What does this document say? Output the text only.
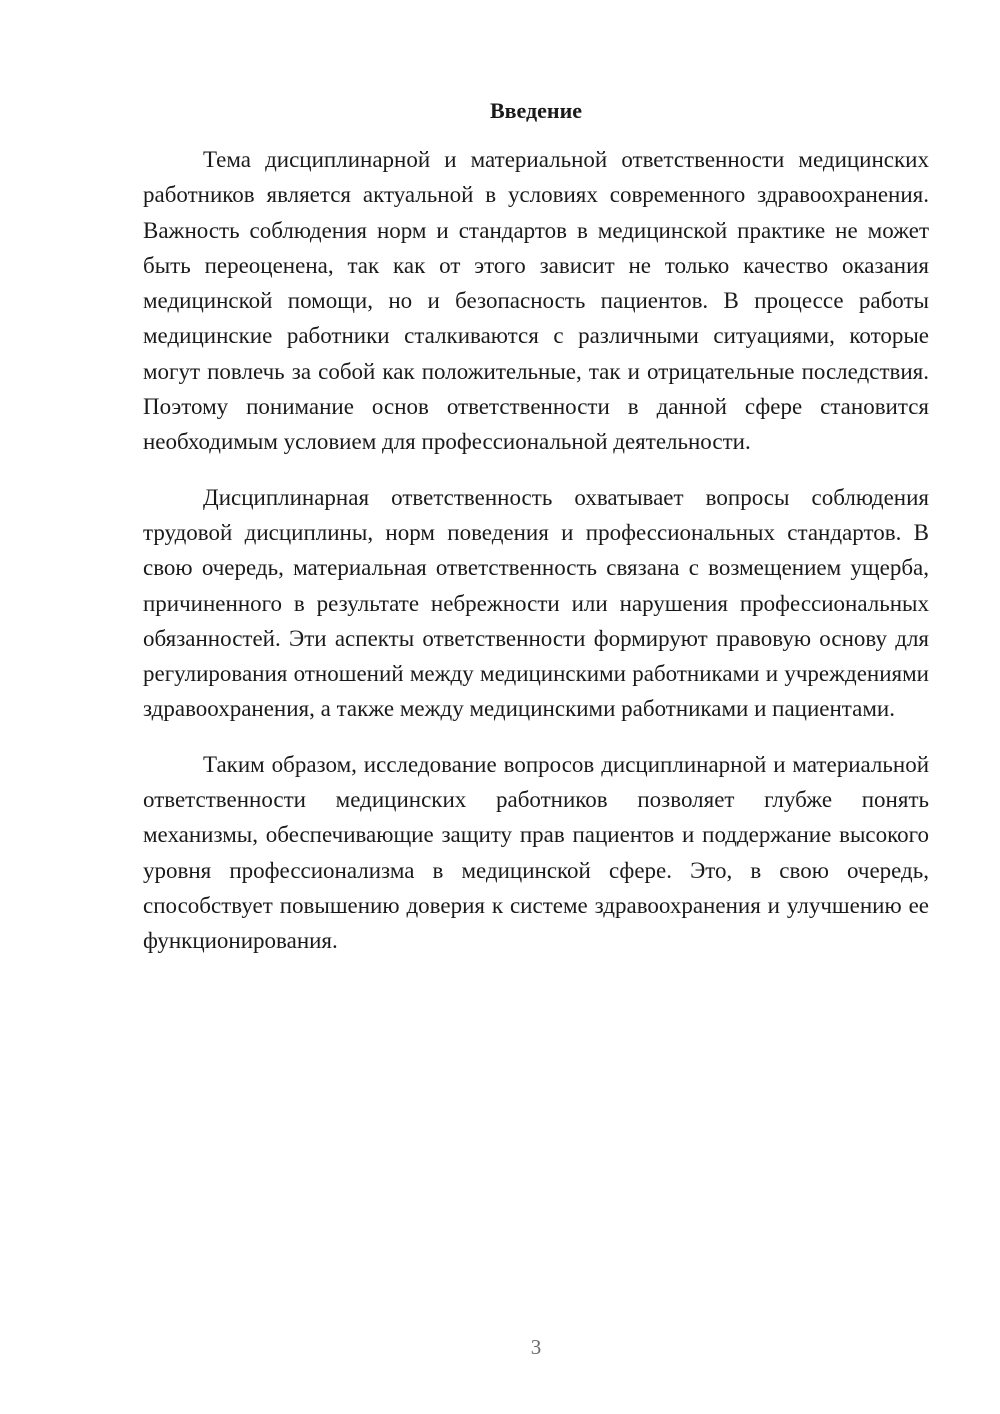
Введение

Тема дисциплинарной и материальной ответственности медицинских работников является актуальной в условиях современного здравоохранения. Важность соблюдения норм и стандартов в медицинской практике не может быть переоценена, так как от этого зависит не только качество оказания медицинской помощи, но и безопасность пациентов. В процессе работы медицинские работники сталкиваются с различными ситуациями, которые могут повлечь за собой как положительные, так и отрицательные последствия. Поэтому понимание основ ответственности в данной сфере становится необходимым условием для профессиональной деятельности.

Дисциплинарная ответственность охватывает вопросы соблюдения трудовой дисциплины, норм поведения и профессиональных стандартов. В свою очередь, материальная ответственность связана с возмещением ущерба, причиненного в результате небрежности или нарушения профессиональных обязанностей. Эти аспекты ответственности формируют правовую основу для регулирования отношений между медицинскими работниками и учреждениями здравоохранения, а также между медицинскими работниками и пациентами.

Таким образом, исследование вопросов дисциплинарной и материальной ответственности медицинских работников позволяет глубже понять механизмы, обеспечивающие защиту прав пациентов и поддержание высокого уровня профессионализма в медицинской сфере. Это, в свою очередь, способствует повышению доверия к системе здравоохранения и улучшению ее функционирования.

3
